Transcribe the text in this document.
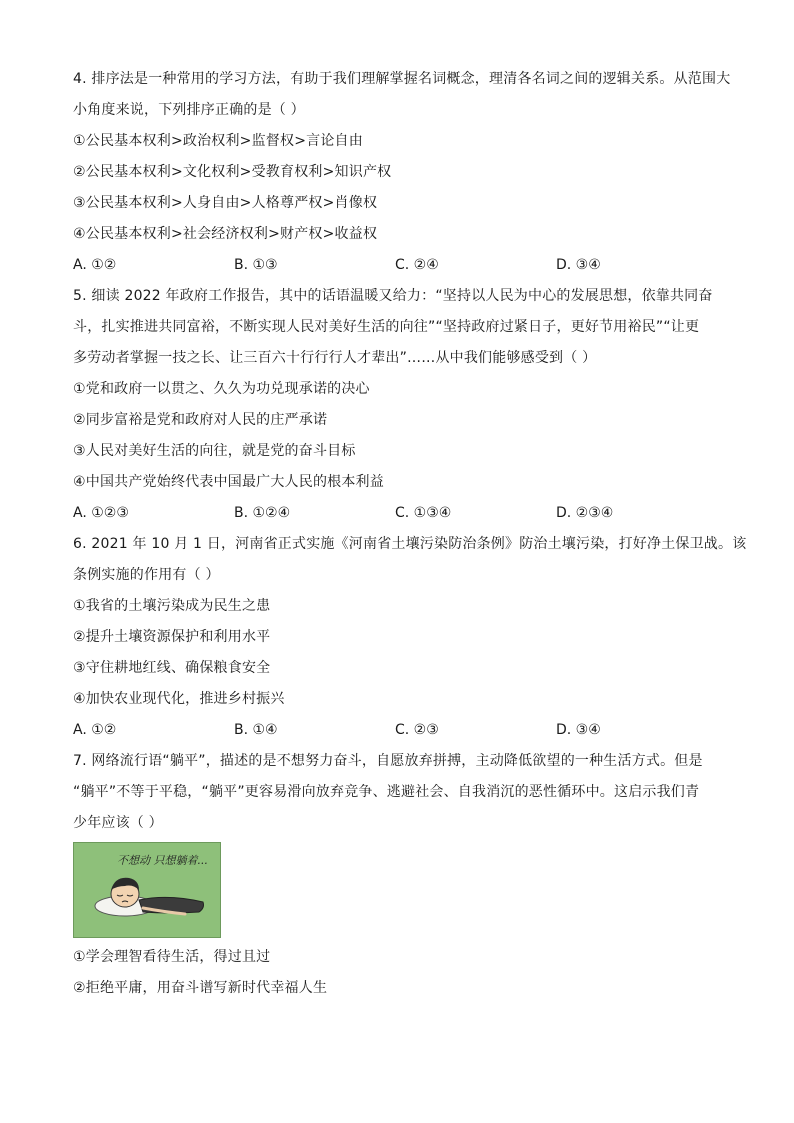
4. 排序法是一种常用的学习方法，有助于我们理解掌握名词概念，理清各名词之间的逻辑关系。从范围大
小角度来说，下列排序正确的是（ ）
①公民基本权利>政治权利>监督权>言论自由
②公民基本权利>文化权利>受教育权利>知识产权
③公民基本权利>人身自由>人格尊严权>肖像权
④公民基本权利>社会经济权利>财产权>收益权
A. ①②	B. ①③	C. ②④	D. ③④
5. 细读 2022 年政府工作报告，其中的话语温暖又给力：“坚持以人民为中心的发展思想，依靠共同奋
斗，扎实推进共同富裕，不断实现人民对美好生活的向往”“坚持政府过紧日子，更好节用裕民”“让更
多劳动者掌握一技之长、让三百六十行行行人才辈出”……从中我们能够感受到（ ）
①党和政府一以贯之、久久为功兑现承诺的决心
②同步富裕是党和政府对人民的庄严承诺
③人民对美好生活的向往，就是党的奋斗目标
④中国共产党始终代表中国最广大人民的根本利益
A. ①②③	B. ①②④	C. ①③④	D. ②③④
6. 2021 年 10 月 1 日，河南省正式实施《河南省土壤污染防治条例》防治土壤污染，打好净土保卫战。该
条例实施的作用有（ ）
①我省的土壤污染成为民生之患
②提升土壤资源保护和利用水平
③守住耕地红线、确保粮食安全
④加快农业现代化，推进乡村振兴
A. ①②	B. ①④	C. ②③	D. ③④
7. 网络流行语“躺平”，描述的是不想努力奋斗，自愿放弃拼搏，主动降低欲望的一种生活方式。但是
“躺平”不等于平稳，“躺平”更容易滑向放弃竞争、逃避社会、自我消沉的恶性循环中。这启示我们青
少年应该（ ）
不想动 只想躺着...
①学会理智看待生活，得过且过
②拒绝平庸，用奋斗谱写新时代幸福人生
